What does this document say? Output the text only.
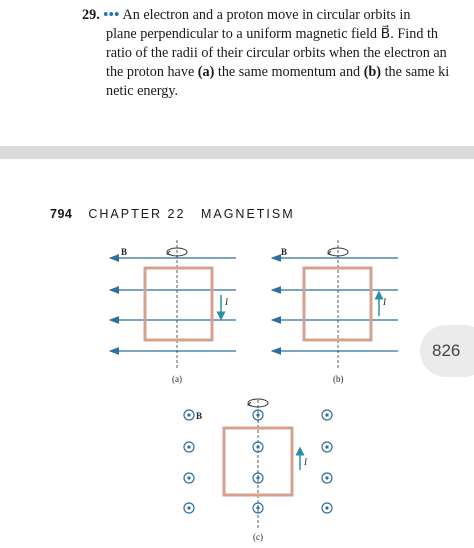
29. ••• An electron and a proton move in circular orbits in
plane perpendicular to a uniform magnetic field B⃗. Find th
ratio of the radii of their circular orbits when the electron an
the proton have (a) the same momentum and (b) the same ki
netic energy.
794 CHAPTER 22 MAGNETISM
B⃗
I
(a)
B⃗
I
(b)
B⃗
I
(c)
826
